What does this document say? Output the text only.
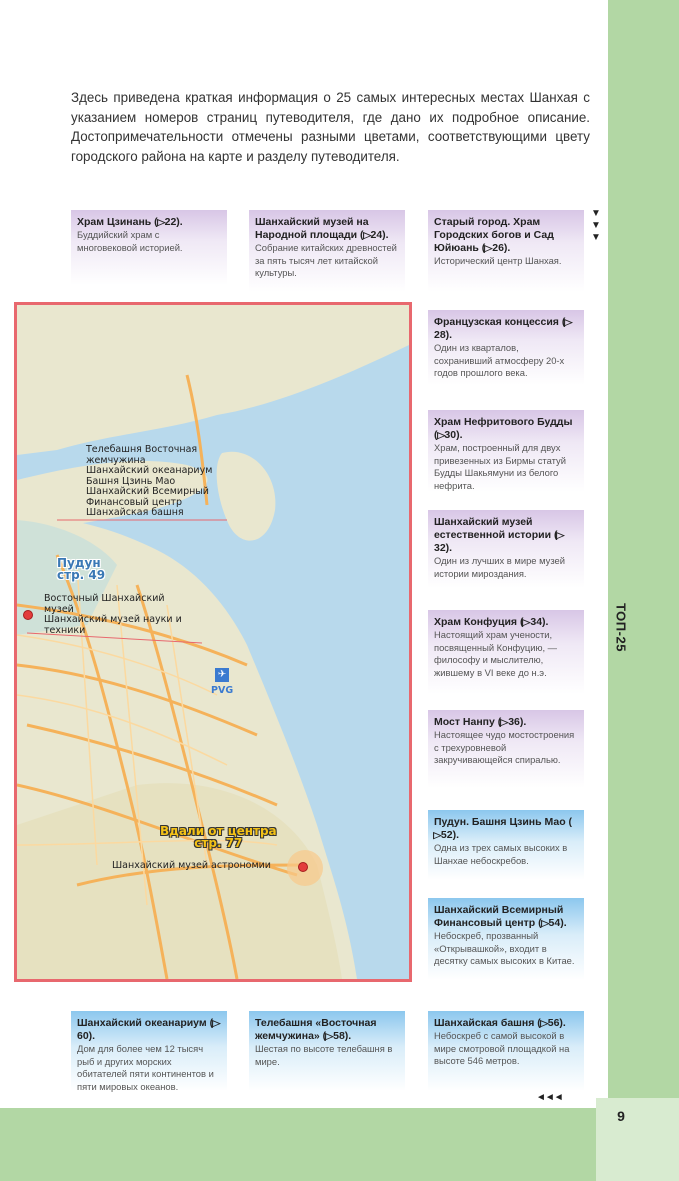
9
ТОП-25
Здесь приведена краткая информация о 25 самых интересных местах Шанхая с указанием номеров страниц путеводителя, где дано их подробное описание. Достопримечательности отмечены разными цветами, соответствующими цвету городского района на карте и разделу путеводителя.
▼
▼
▼
◄◄◄
Храм Цзинань (▷22).
Буддийский храм с многовековой историей.
Шанхайский музей на Народной площади (▷24).
Собрание китайских древностей за пять тысяч лет китайской культуры.
Старый город. Храм Городских богов и Сад Юйюань (▷26).
Исторический центр Шанхая.
Французская концессия (▷28).
Один из кварталов, сохранивший атмосферу 20-х годов прошлого века.
Храм Нефритового Будды (▷30).
Храм, построенный для двух привезенных из Бирмы статуй Будды Шакьямуни из белого нефрита.
Шанхайский музей естественной истории (▷32).
Один из лучших в мире музей истории мироздания.
Храм Конфуция (▷34).
Настоящий храм учености, посвященный Конфуцию, — философу и мыслителю, жившему в VI веке до н.э.
Мост Нанпу (▷36).
Настоящее чудо мостостроения с трехуровневой закручивающейся спиралью.
Пудун. Башня Цзинь Мао (▷52).
Одна из трех самых высоких в Шанхае небоскребов.
Шанхайский Всемирный Финансовый центр (▷54).
Небоскреб, прозванный «Открывашкой», входит в десятку самых высоких в Китае.
Шанхайский океанариум (▷60).
Дом для более чем 12 тысяч рыб и других морских обитателей пяти континентов и пяти мировых океанов.
Телебашня «Восточная жемчужина» (▷58).
Шестая по высоте телебашня в мире.
Шанхайская башня (▷56).
Небоскреб с самой высокой в мире смотровой площадкой на высоте 546 метров.
Телебашня Восточная
жемчужина
Шанхайский океанариум
Башня Цзинь Мао
Шанхайский Всемирный
Финансовый центр
Шанхайская башня
Пудун
стр. 49
Восточный Шанхайский
музей
Шанхайский музей науки и
техники
✈
PVG
Вдали от центра
стр. 77
Шанхайский музей астрономии
